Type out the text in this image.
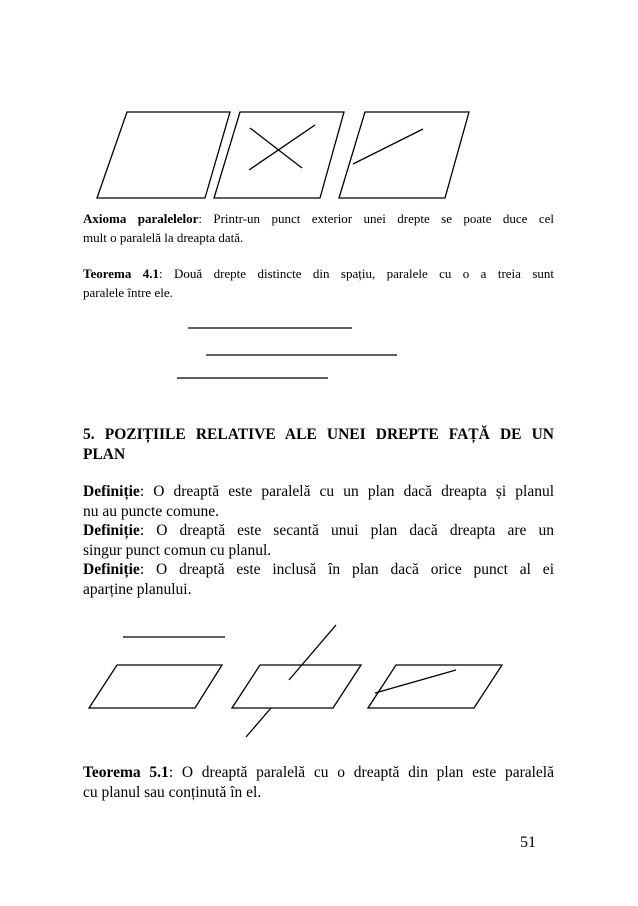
Axioma paralelelor: Printr-un punct exterior unei drepte se poate duce cel
mult o paralelă la dreapta dată.
Teorema 4.1: Două drepte distincte din spațiu, paralele cu o a treia sunt
paralele între ele.
5. POZIȚIILE RELATIVE ALE UNEI DREPTE FAȚĂ DE UN
PLAN
Definiție: O dreaptă este paralelă cu un plan dacă dreapta și planul
nu au puncte comune.
Definiție: O dreaptă este secantă unui plan dacă dreapta are un
singur punct comun cu planul.
Definiție: O dreaptă este inclusă în plan dacă orice punct al ei
aparține planului.
Teorema 5.1: O dreaptă paralelă cu o dreaptă din plan este paralelă
cu planul sau conținută în el.
51
